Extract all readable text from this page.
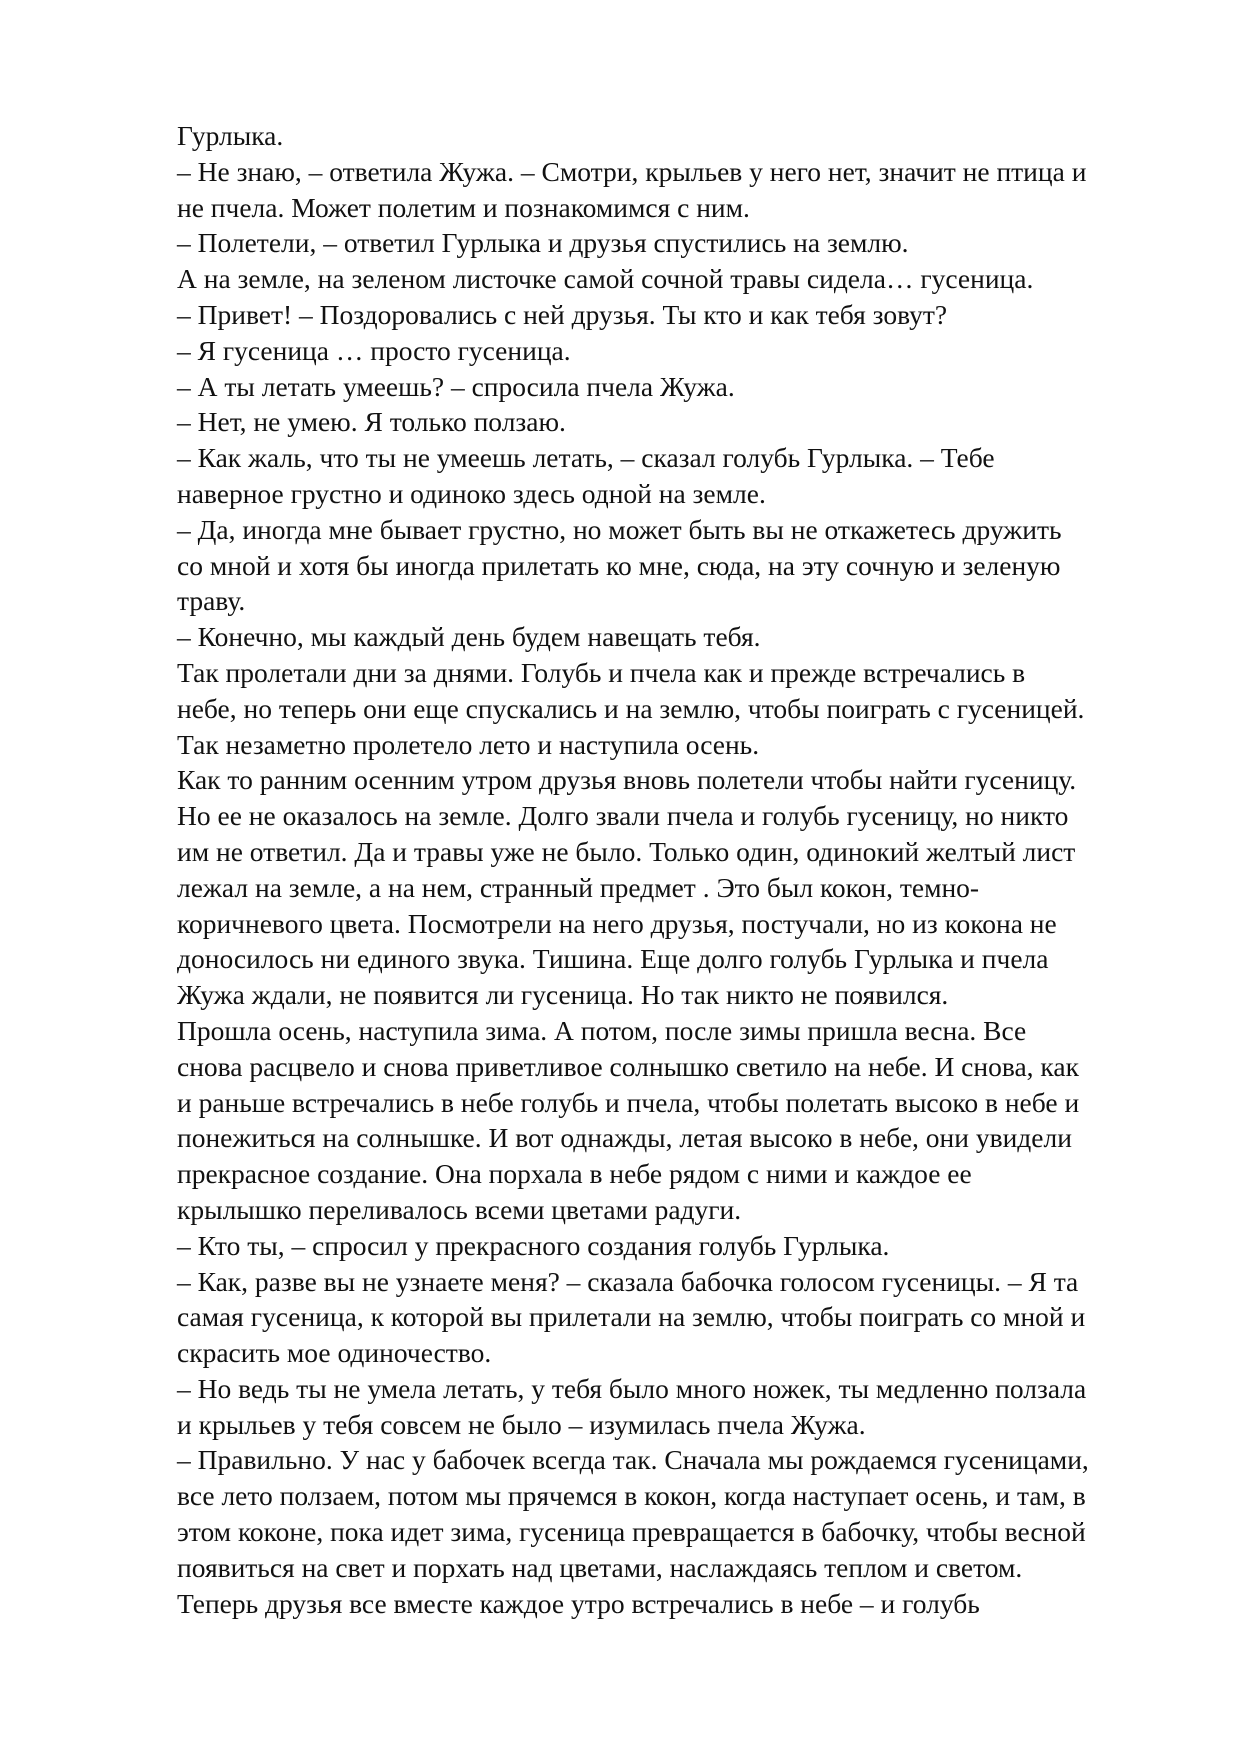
Гурлыка.
– Не знаю, – ответила Жужа. – Смотри, крыльев у него нет, значит не птица и
не пчела. Может полетим и познакомимся с ним.
– Полетели, – ответил Гурлыка и друзья спустились на землю.
А на земле, на зеленом листочке самой сочной травы сидела… гусеница.
– Привет! – Поздоровались с ней друзья. Ты кто и как тебя зовут?
– Я гусеница … просто гусеница.
– А ты летать умеешь? – спросила пчела Жужа.
– Нет, не умею. Я только ползаю.
– Как жаль, что ты не умеешь летать, – сказал голубь Гурлыка. – Тебе
наверное грустно и одиноко здесь одной на земле.
– Да, иногда мне бывает грустно, но может быть вы не откажетесь дружить
со мной и хотя бы иногда прилетать ко мне, сюда, на эту сочную и зеленую
траву.
– Конечно, мы каждый день будем навещать тебя.
Так пролетали дни за днями. Голубь и пчела как и прежде встречались в
небе, но теперь они еще спускались и на землю, чтобы поиграть с гусеницей.
Так незаметно пролетело лето и наступила осень.
Как то ранним осенним утром друзья вновь полетели чтобы найти гусеницу.
Но ее не оказалось на земле. Долго звали пчела и голубь гусеницу, но никто
им не ответил. Да и травы уже не было. Только один, одинокий желтый лист
лежал на земле, а на нем, странный предмет . Это был кокон, темно-
коричневого цвета. Посмотрели на него друзья, постучали, но из кокона не
доносилось ни единого звука. Тишина. Еще долго голубь Гурлыка и пчела
Жужа ждали, не появится ли гусеница. Но так никто не появился.
Прошла осень, наступила зима. А потом, после зимы пришла весна. Все
снова расцвело и снова приветливое солнышко светило на небе. И снова, как
и раньше встречались в небе голубь и пчела, чтобы полетать высоко в небе и
понежиться на солнышке. И вот однажды, летая высоко в небе, они увидели
прекрасное создание. Она порхала в небе рядом с ними и каждое ее
крылышко переливалось всеми цветами радуги.
– Кто ты, – спросил у прекрасного создания голубь Гурлыка.
– Как, разве вы не узнаете меня? – сказала бабочка голосом гусеницы. – Я та
самая гусеница, к которой вы прилетали на землю, чтобы поиграть со мной и
скрасить мое одиночество.
– Но ведь ты не умела летать, у тебя было много ножек, ты медленно ползала
и крыльев у тебя совсем не было – изумилась пчела Жужа.
– Правильно. У нас у бабочек всегда так. Сначала мы рождаемся гусеницами,
все лето ползаем, потом мы прячемся в кокон, когда наступает осень, и там, в
этом коконе, пока идет зима, гусеница превращается в бабочку, чтобы весной
появиться на свет и порхать над цветами, наслаждаясь теплом и светом.
Теперь друзья все вместе каждое утро встречались в небе – и голубь
